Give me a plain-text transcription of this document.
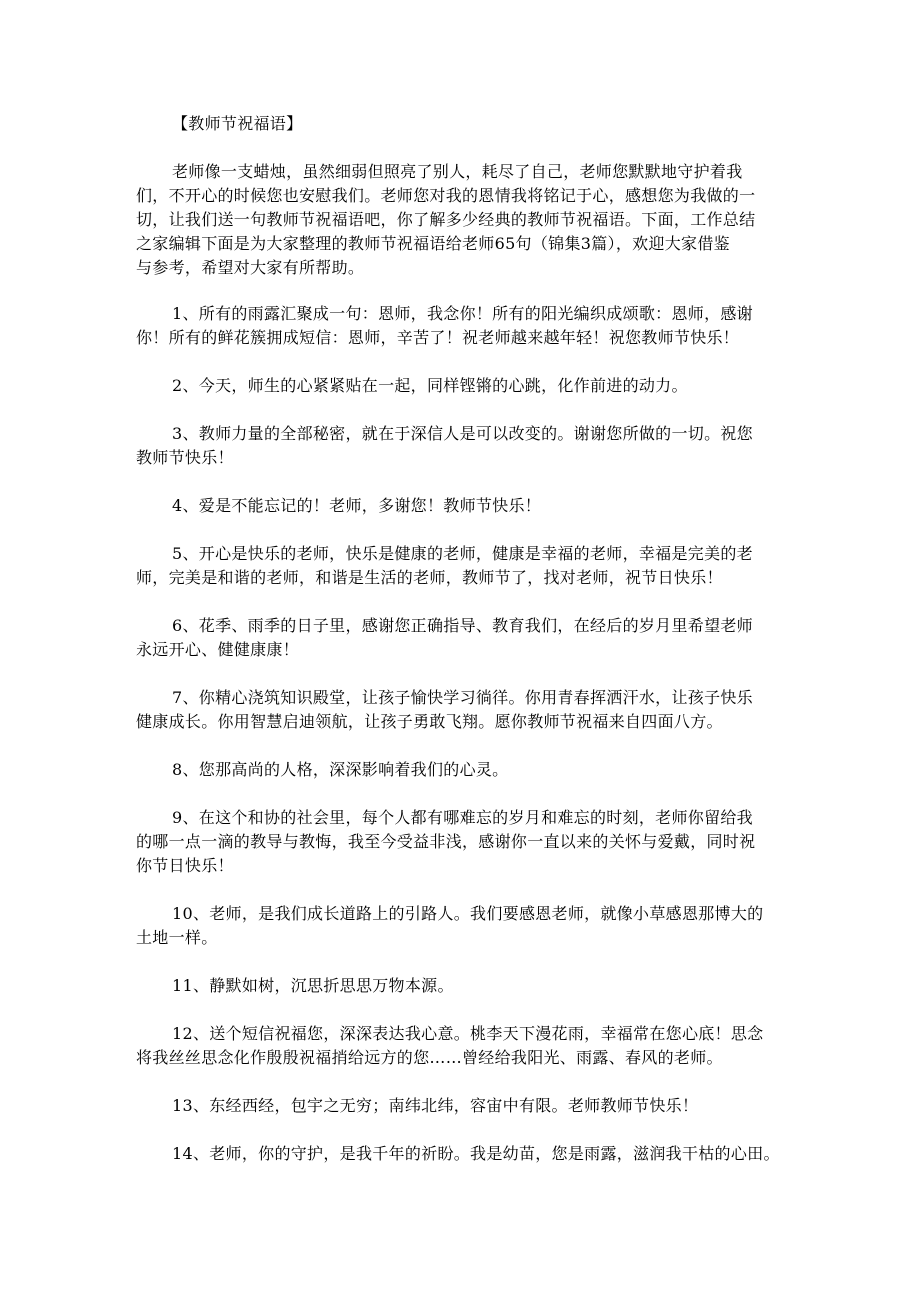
【教师节祝福语】
老师像一支蜡烛，虽然细弱但照亮了别人，耗尽了自己，老师您默默地守护着我
们，不开心的时候您也安慰我们。老师您对我的恩情我将铭记于心，感想您为我做的一
切，让我们送一句教师节祝福语吧，你了解多少经典的教师节祝福语。下面，工作总结
之家编辑下面是为大家整理的教师节祝福语给老师65句（锦集3篇），欢迎大家借鉴
与参考，希望对大家有所帮助。
1、所有的雨露汇聚成一句：恩师，我念你！所有的阳光编织成颂歌：恩师，感谢
你！所有的鲜花簇拥成短信：恩师，辛苦了！祝老师越来越年轻！祝您教师节快乐！
2、今天，师生的心紧紧贴在一起，同样铿锵的心跳，化作前进的动力。
3、教师力量的全部秘密，就在于深信人是可以改变的。谢谢您所做的一切。祝您
教师节快乐！
4、爱是不能忘记的！老师，多谢您！教师节快乐！
5、开心是快乐的老师，快乐是健康的老师，健康是幸福的老师，幸福是完美的老
师，完美是和谐的老师，和谐是生活的老师，教师节了，找对老师，祝节日快乐！
6、花季、雨季的日子里，感谢您正确指导、教育我们，在经后的岁月里希望老师
永远开心、健健康康！
7、你精心浇筑知识殿堂，让孩子愉快学习徜徉。你用青春挥洒汗水，让孩子快乐
健康成长。你用智慧启迪领航，让孩子勇敢飞翔。愿你教师节祝福来自四面八方。
8、您那高尚的人格，深深影响着我们的心灵。
9、在这个和协的社会里，每个人都有哪难忘的岁月和难忘的时刻，老师你留给我
的哪一点一滴的教导与教悔，我至今受益非浅，感谢你一直以来的关怀与爱戴，同时祝
你节日快乐！
10、老师，是我们成长道路上的引路人。我们要感恩老师，就像小草感恩那博大的
土地一样。
11、静默如树，沉思折思思万物本源。
12、送个短信祝福您，深深表达我心意。桃李天下漫花雨，幸福常在您心底！思念
将我丝丝思念化作殷殷祝福捎给远方的您……曾经给我阳光、雨露、春风的老师。
13、东经西经，包宇之无穷；南纬北纬，容宙中有限。老师教师节快乐！
14、老师，你的守护，是我千年的祈盼。我是幼苗，您是雨露，滋润我干枯的心田。
